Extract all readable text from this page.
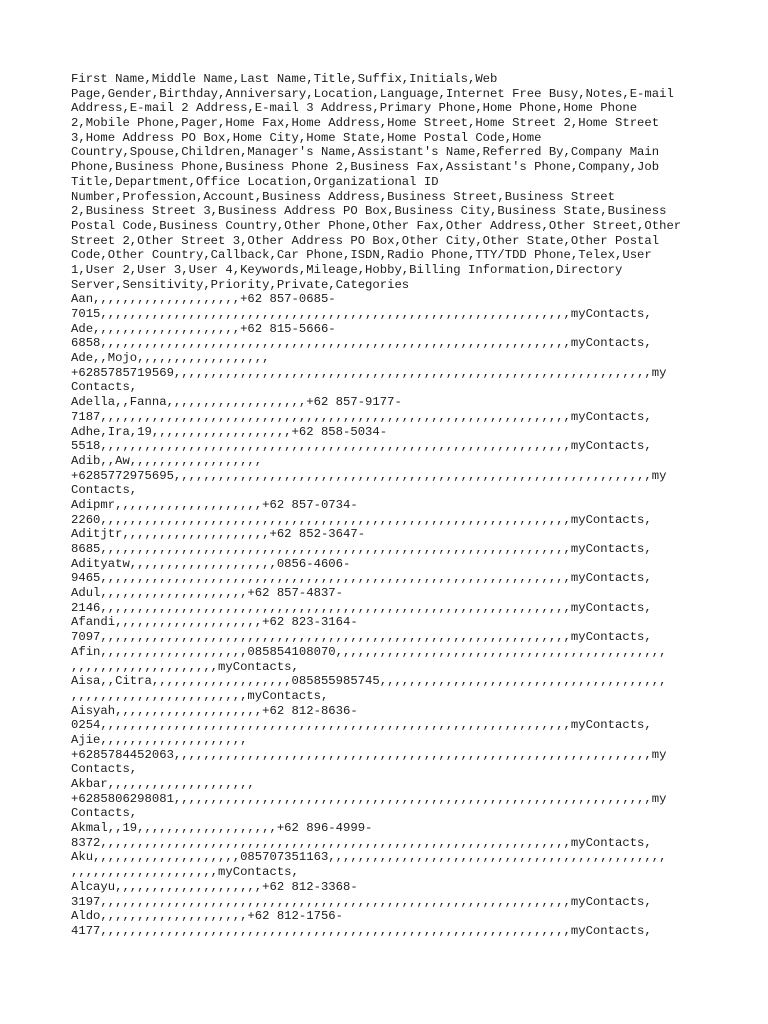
First Name,Middle Name,Last Name,Title,Suffix,Initials,Web
Page,Gender,Birthday,Anniversary,Location,Language,Internet Free Busy,Notes,E-mail
Address,E-mail 2 Address,E-mail 3 Address,Primary Phone,Home Phone,Home Phone
2,Mobile Phone,Pager,Home Fax,Home Address,Home Street,Home Street 2,Home Street
3,Home Address PO Box,Home City,Home State,Home Postal Code,Home
Country,Spouse,Children,Manager's Name,Assistant's Name,Referred By,Company Main
Phone,Business Phone,Business Phone 2,Business Fax,Assistant's Phone,Company,Job
Title,Department,Office Location,Organizational ID
Number,Profession,Account,Business Address,Business Street,Business Street
2,Business Street 3,Business Address PO Box,Business City,Business State,Business
Postal Code,Business Country,Other Phone,Other Fax,Other Address,Other Street,Other
Street 2,Other Street 3,Other Address PO Box,Other City,Other State,Other Postal
Code,Other Country,Callback,Car Phone,ISDN,Radio Phone,TTY/TDD Phone,Telex,User
1,User 2,User 3,User 4,Keywords,Mileage,Hobby,Billing Information,Directory
Server,Sensitivity,Priority,Private,Categories
Aan,,,,,,,,,,,,,,,,,,,,+62 857-0685-
7015,,,,,,,,,,,,,,,,,,,,,,,,,,,,,,,,,,,,,,,,,,,,,,,,,,,,,,,,,,,,,,,,myContacts,
Ade,,,,,,,,,,,,,,,,,,,,+62 815-5666-
6858,,,,,,,,,,,,,,,,,,,,,,,,,,,,,,,,,,,,,,,,,,,,,,,,,,,,,,,,,,,,,,,,myContacts,
Ade,,Mojo,,,,,,,,,,,,,,,,,,
+6285785719569,,,,,,,,,,,,,,,,,,,,,,,,,,,,,,,,,,,,,,,,,,,,,,,,,,,,,,,,,,,,,,,,,my
Contacts,
Adella,,Fanna,,,,,,,,,,,,,,,,,,,+62 857-9177-
7187,,,,,,,,,,,,,,,,,,,,,,,,,,,,,,,,,,,,,,,,,,,,,,,,,,,,,,,,,,,,,,,,myContacts,
Adhe,Ira,19,,,,,,,,,,,,,,,,,,,+62 858-5034-
5518,,,,,,,,,,,,,,,,,,,,,,,,,,,,,,,,,,,,,,,,,,,,,,,,,,,,,,,,,,,,,,,,myContacts,
Adib,,Aw,,,,,,,,,,,,,,,,,,
+6285772975695,,,,,,,,,,,,,,,,,,,,,,,,,,,,,,,,,,,,,,,,,,,,,,,,,,,,,,,,,,,,,,,,,my
Contacts,
Adipmr,,,,,,,,,,,,,,,,,,,,+62 857-0734-
2260,,,,,,,,,,,,,,,,,,,,,,,,,,,,,,,,,,,,,,,,,,,,,,,,,,,,,,,,,,,,,,,,myContacts,
Aditjtr,,,,,,,,,,,,,,,,,,,,+62 852-3647-
8685,,,,,,,,,,,,,,,,,,,,,,,,,,,,,,,,,,,,,,,,,,,,,,,,,,,,,,,,,,,,,,,,myContacts,
Adityatw,,,,,,,,,,,,,,,,,,,,0856-4606-
9465,,,,,,,,,,,,,,,,,,,,,,,,,,,,,,,,,,,,,,,,,,,,,,,,,,,,,,,,,,,,,,,,myContacts,
Adul,,,,,,,,,,,,,,,,,,,,+62 857-4837-
2146,,,,,,,,,,,,,,,,,,,,,,,,,,,,,,,,,,,,,,,,,,,,,,,,,,,,,,,,,,,,,,,,myContacts,
Afandi,,,,,,,,,,,,,,,,,,,,+62 823-3164-
7097,,,,,,,,,,,,,,,,,,,,,,,,,,,,,,,,,,,,,,,,,,,,,,,,,,,,,,,,,,,,,,,,myContacts,
Afin,,,,,,,,,,,,,,,,,,,,085854108070,,,,,,,,,,,,,,,,,,,,,,,,,,,,,,,,,,,,,,,,,,,,,
,,,,,,,,,,,,,,,,,,,,myContacts,
Aisa,,Citra,,,,,,,,,,,,,,,,,,,085855985745,,,,,,,,,,,,,,,,,,,,,,,,,,,,,,,,,,,,,,,
,,,,,,,,,,,,,,,,,,,,,,,,myContacts,
Aisyah,,,,,,,,,,,,,,,,,,,,+62 812-8636-
0254,,,,,,,,,,,,,,,,,,,,,,,,,,,,,,,,,,,,,,,,,,,,,,,,,,,,,,,,,,,,,,,,myContacts,
Ajie,,,,,,,,,,,,,,,,,,,,
+6285784452063,,,,,,,,,,,,,,,,,,,,,,,,,,,,,,,,,,,,,,,,,,,,,,,,,,,,,,,,,,,,,,,,,my
Contacts,
Akbar,,,,,,,,,,,,,,,,,,,,
+6285806298081,,,,,,,,,,,,,,,,,,,,,,,,,,,,,,,,,,,,,,,,,,,,,,,,,,,,,,,,,,,,,,,,,my
Contacts,
Akmal,,19,,,,,,,,,,,,,,,,,,,+62 896-4999-
8372,,,,,,,,,,,,,,,,,,,,,,,,,,,,,,,,,,,,,,,,,,,,,,,,,,,,,,,,,,,,,,,,myContacts,
Aku,,,,,,,,,,,,,,,,,,,,085707351163,,,,,,,,,,,,,,,,,,,,,,,,,,,,,,,,,,,,,,,,,,,,,,
,,,,,,,,,,,,,,,,,,,,myContacts,
Alcayu,,,,,,,,,,,,,,,,,,,,+62 812-3368-
3197,,,,,,,,,,,,,,,,,,,,,,,,,,,,,,,,,,,,,,,,,,,,,,,,,,,,,,,,,,,,,,,,myContacts,
Aldo,,,,,,,,,,,,,,,,,,,,+62 812-1756-
4177,,,,,,,,,,,,,,,,,,,,,,,,,,,,,,,,,,,,,,,,,,,,,,,,,,,,,,,,,,,,,,,,myContacts,
